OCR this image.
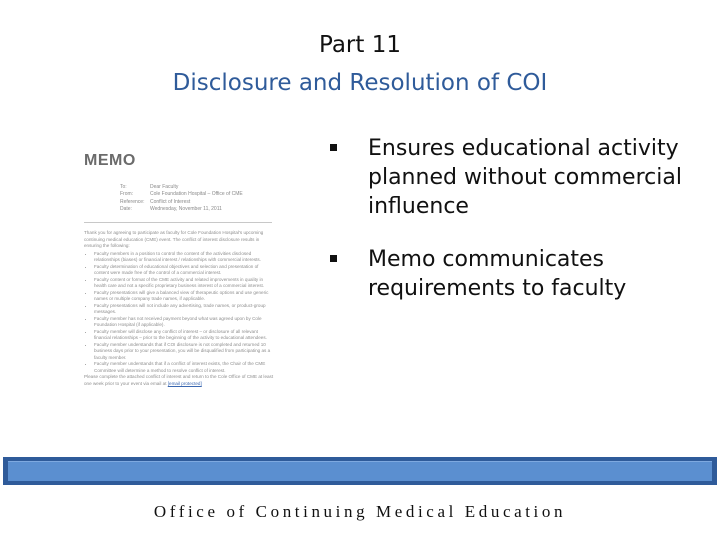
Part 11
Disclosure and Resolution of COI
MEMO
To:	Dear Faculty
From:	Cole Foundation Hospital – Office of CME
Reference: Conflict of Interest
Date:	Wednesday, November 11, 2011

Thank you for agreeing to participate as faculty for Cole Foundation Hospital's upcoming continuing medical education (CME) event. The conflict of interest disclosure results in ensuring the following:

• Faculty members in a position to control the content of the activities disclosed relationships (biases) or financial interest / relationships with commercial interests.
• Faculty determination of educational objectives and selection and presentation of content were made free of the control of a commercial interest.
• Faculty content or format of the CME activity and related improvements in quality in health care and not a specific proprietary business interest of a commercial interest.
• Faculty presentations will give a balanced view of therapeutic options and use generic names or multiple company trade names, if applicable.
• Faculty presentations will not include any advertising, trade names, or product-group messages.
• Faculty member has not received payment beyond what was agreed upon by Cole Foundation Hospital (if applicable).
• Faculty member will disclose any conflict of interest – or disclosure of all relevant financial relationships – prior to the beginning of the activity to educational attendees.
• Faculty member understands that if COI disclosure is not completed and returned 10 business days prior to your presentation, you will be disqualified from participating as a faculty member.
• Faculty member understands that if a conflict of interest exists, the Chair of the CME Committee will determine a method to resolve conflict of interest.

Please complete the attached conflict of interest and return to the Cole Office of CME at least one week prior to your event via email at [email protected]

Ensures educational activity planned without commercial influence
Memo communicates requirements to faculty
Office of Continuing Medical Education
